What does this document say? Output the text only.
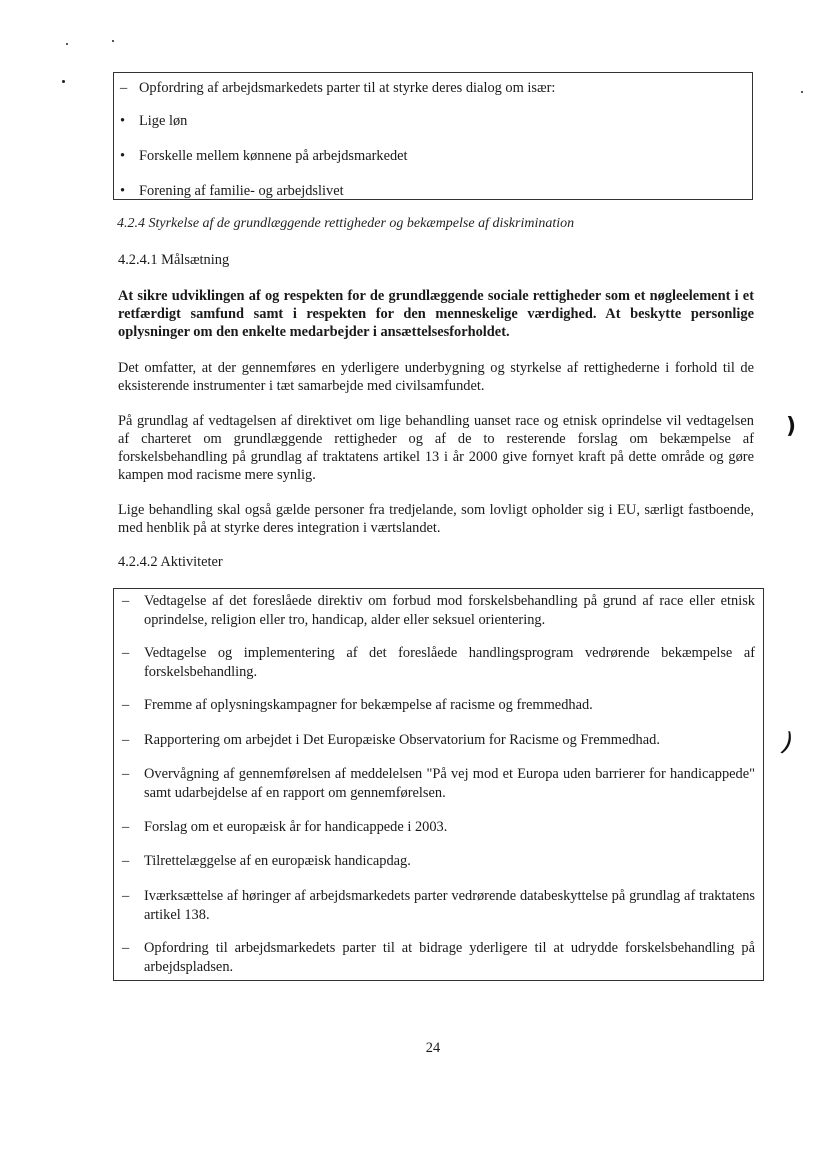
– Opfordring af arbejdsmarkedets parter til at styrke deres dialog om især:
• Lige løn
• Forskelle mellem kønnene på arbejdsmarkedet
• Forening af familie- og arbejdslivet
4.2.4 Styrkelse af de grundlæggende rettigheder og bekæmpelse af diskrimination
4.2.4.1 Målsætning
At sikre udviklingen af og respekten for de grundlæggende sociale rettigheder som et nøgleelement i et retfærdigt samfund samt i respekten for den menneskelige værdighed. At beskytte personlige oplysninger om den enkelte medarbejder i ansættelsesforholdet.
Det omfatter, at der gennemføres en yderligere underbygning og styrkelse af rettighederne i forhold til de eksisterende instrumenter i tæt samarbejde med civilsamfundet.
På grundlag af vedtagelsen af direktivet om lige behandling uanset race og etnisk oprindelse vil vedtagelsen af charteret om grundlæggende rettigheder og af de to resterende forslag om bekæmpelse af forskelsbehandling på grundlag af traktatens artikel 13 i år 2000 give fornyet kraft på dette område og gøre kampen mod racisme mere synlig.
Lige behandling skal også gælde personer fra tredjelande, som lovligt opholder sig i EU, særligt fastboende, med henblik på at styrke deres integration i værtslandet.
4.2.4.2 Aktiviteter
– Vedtagelse af det foreslåede direktiv om forbud mod forskelsbehandling på grund af race eller etnisk oprindelse, religion eller tro, handicap, alder eller seksuel orientering.
– Vedtagelse og implementering af det foreslåede handlingsprogram vedrørende bekæmpelse af forskelsbehandling.
– Fremme af oplysningskampagner for bekæmpelse af racisme og fremmedhad.
– Rapportering om arbejdet i Det Europæiske Observatorium for Racisme og Fremmedhad.
– Overvågning af gennemførelsen af meddelelsen "På vej mod et Europa uden barrierer for handicappede" samt udarbejdelse af en rapport om gennemførelsen.
– Forslag om et europæisk år for handicappede i 2003.
– Tilrettelæggelse af en europæisk handicapdag.
– Iværksættelse af høringer af arbejdsmarkedets parter vedrørende databeskyttelse på grundlag af traktatens artikel 138.
– Opfordring til arbejdsmarkedets parter til at bidrage yderligere til at udrydde forskelsbehandling på arbejdspladsen.
)
)
24
